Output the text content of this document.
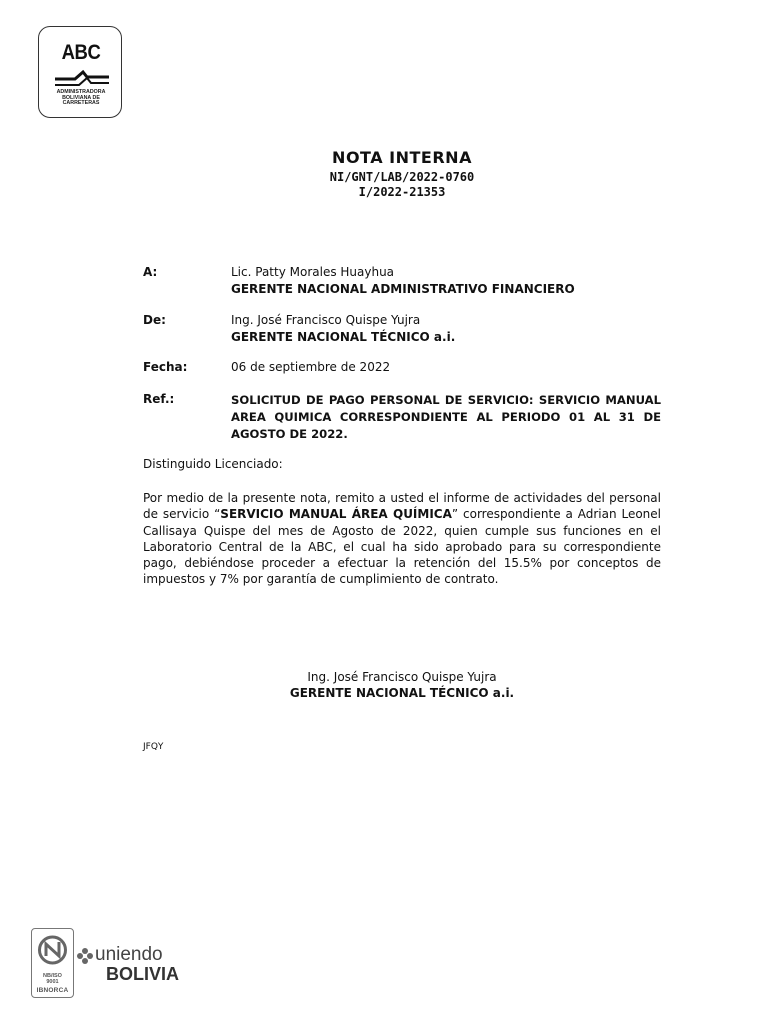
ABC
ADMINISTRADORA
BOLIVIANA DE
CARRETERAS
NOTA INTERNA
NI/GNT/LAB/2022-0760
I/2022-21353
A:	Lic. Patty Morales Huayhua
GERENTE NACIONAL ADMINISTRATIVO FINANCIERO
De:	Ing. José Francisco Quispe Yujra
GERENTE NACIONAL TÉCNICO a.i.
Fecha:	06 de septiembre de 2022
Ref.:	SOLICITUD DE PAGO PERSONAL DE SERVICIO: SERVICIO MANUAL AREA QUIMICA CORRESPONDIENTE AL PERIODO 01 AL 31 DE AGOSTO DE 2022.
Distinguido Licenciado:
Por medio de la presente nota, remito a usted el informe de actividades del personal de servicio “SERVICIO MANUAL ÁREA QUÍMICA” correspondiente a Adrian Leonel Callisaya Quispe del mes de Agosto de 2022, quien cumple sus funciones en el Laboratorio Central de la ABC, el cual ha sido aprobado para su correspondiente pago, debiéndose proceder a efectuar la retención del 15.5% por conceptos de impuestos y 7% por garantía de cumplimiento de contrato.
Ing. José Francisco Quispe Yujra
GERENTE NACIONAL TÉCNICO a.i.
JFQY
NB/ISO
9001
IBNORCA
uniendo
BOLIVIA
